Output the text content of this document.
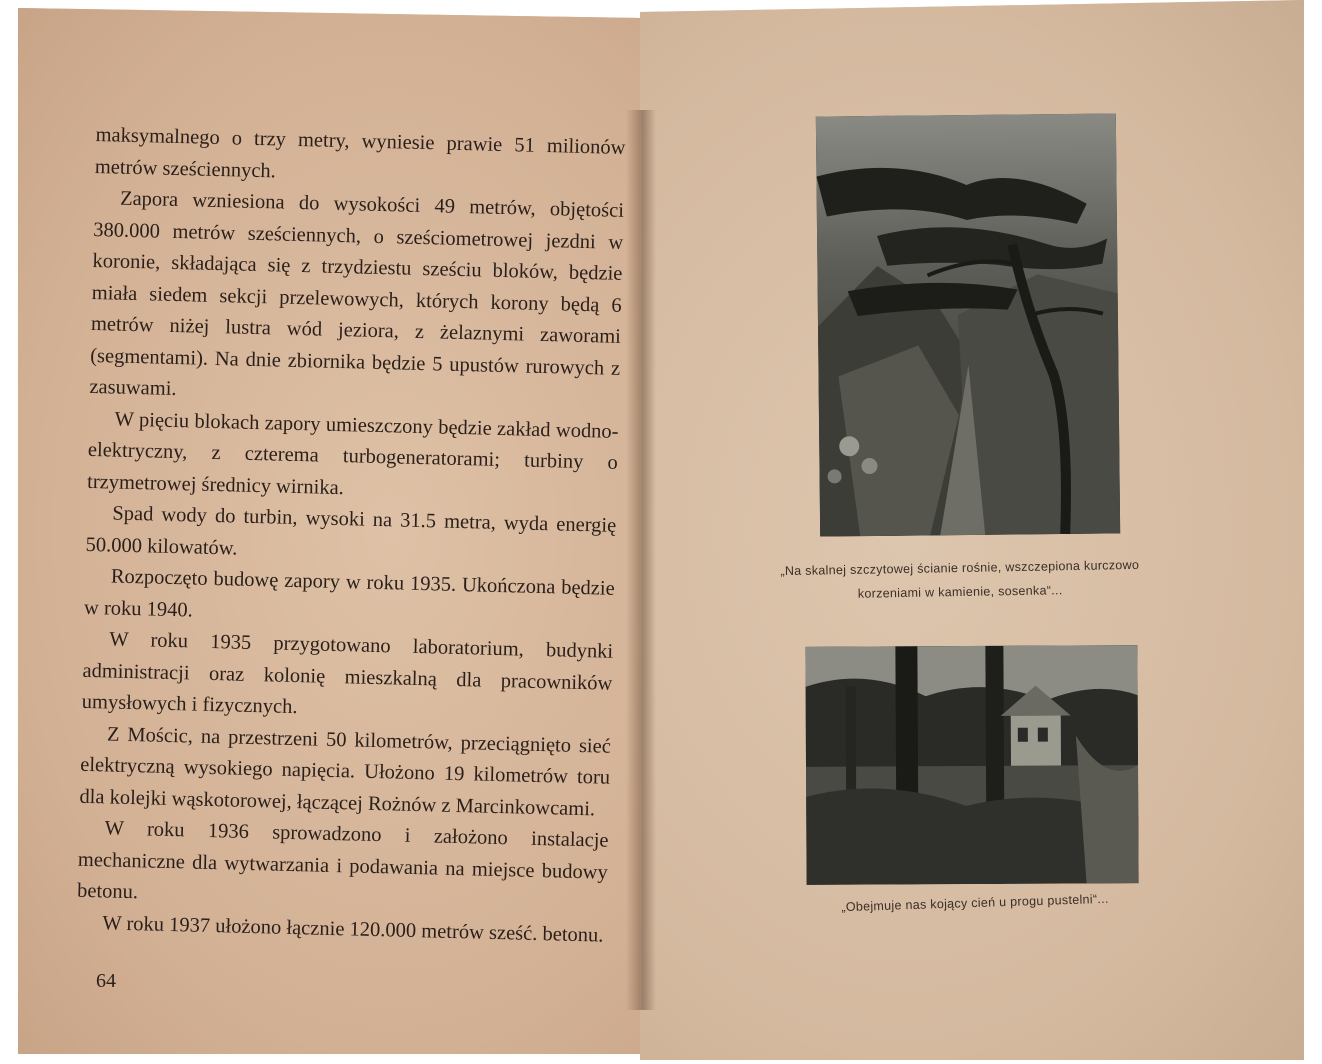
maksymalnego o trzy metry, wyniesie prawie 51 milionów metrów sześciennych.

Zapora wzniesiona do wysokości 49 metrów, objętości 380.000 metrów sześciennych, o sześciometrowej jezdni w koronie, składająca się z trzydziestu sześciu bloków, będzie miała siedem sekcji przelewowych, których korony będą 6 metrów niżej lustra wód jeziora, z żelaznymi zaworami (segmentami). Na dnie zbiornika będzie 5 upustów rurowych z zasuwami.

W pięciu blokach zapory umieszczony będzie zakład wodno-elektryczny, z czterema turbogeneratorami; turbiny o trzymetrowej średnicy wirnika.

Spad wody do turbin, wysoki na 31.5 metra, wyda energię 50.000 kilowatów.

Rozpoczęto budowę zapory w roku 1935. Ukończona będzie w roku 1940.

W roku 1935 przygotowano laboratorium, budynki administracji oraz kolonię mieszkalną dla pracowników umysłowych i fizycznych.

Z Mościc, na przestrzeni 50 kilometrów, przeciągnięto sieć elektryczną wysokiego napięcia. Ułożono 19 kilometrów toru dla kolejki wąskotorowej, łączącej Rożnów z Marcinkowcami.

W roku 1936 sprowadzono i założono instalacje mechaniczne dla wytwarzania i podawania na miejsce budowy betonu.

W roku 1937 ułożono łącznie 120.000 metrów sześć. betonu.

64
„Na skalnej szczytowej ścianie rośnie, wszczepiona kurczowo korzeniami w kamienie, sosenka“...
„Obejmuje nas kojący cień u progu pustelni“...
